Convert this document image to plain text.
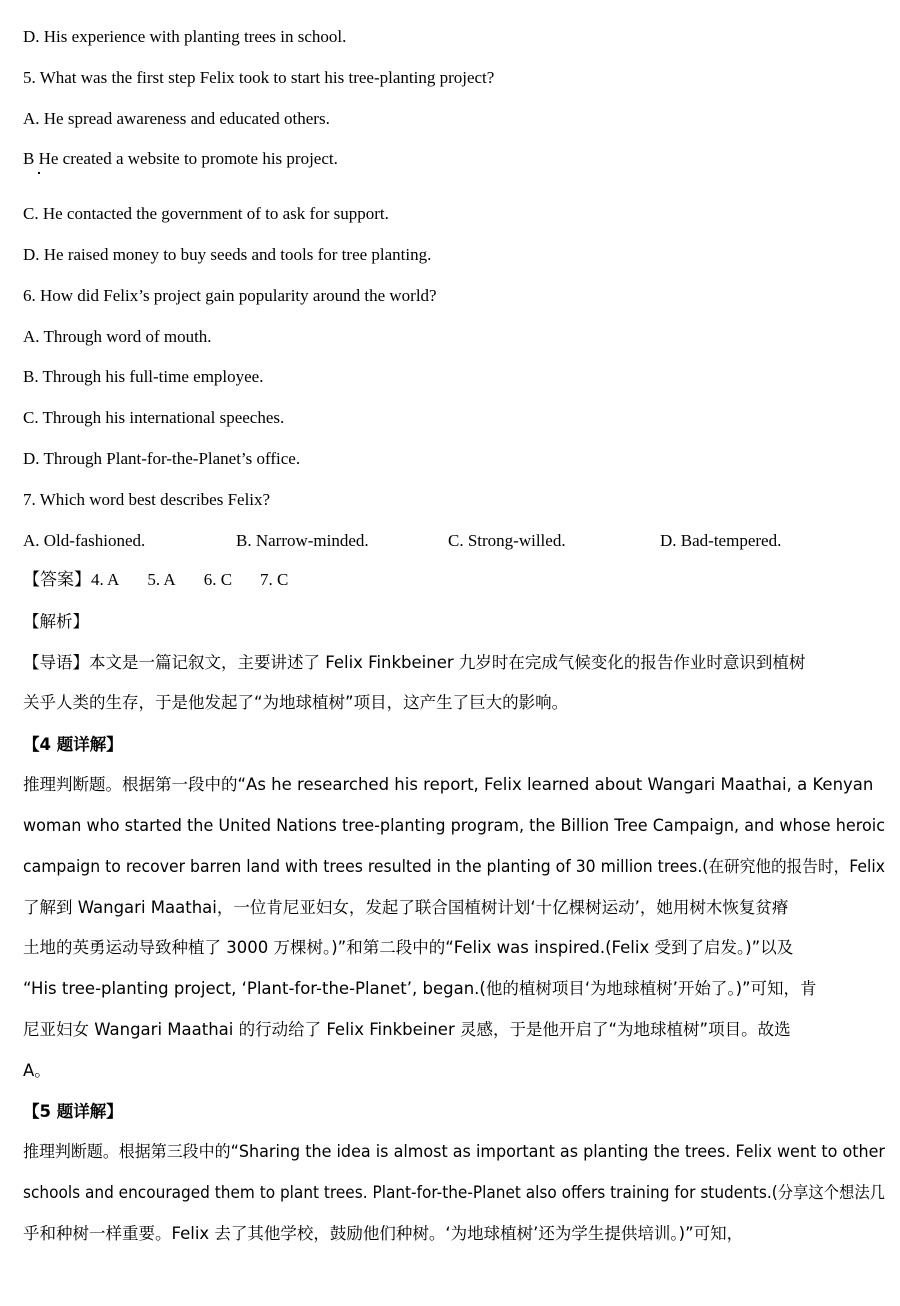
D. His experience with planting trees in school.
5. What was the first step Felix took to start his tree-planting project?
A. He spread awareness and educated others.
B He created a website to promote his project.
C. He contacted the government of to ask for support.
D. He raised money to buy seeds and tools for tree planting.
6. How did Felix’s project gain popularity around the world?
A. Through word of mouth.
B. Through his full-time employee.
C. Through his international speeches.
D. Through Plant-for-the-Planet’s office.
7. Which word best describes Felix?
A. Old-fashioned.	B. Narrow-minded.	C. Strong-willed.	D. Bad-tempered.
【答案】4. A 5. A 6. C 7. C
【解析】
【导语】本文是一篇记叙文，主要讲述了 Felix Finkbeiner 九岁时在完成气候变化的报告作业时意识到植树
关乎人类的生存，于是他发起了“为地球植树”项目，这产生了巨大的影响。
【4 题详解】
推理判断题。根据第一段中的“As he researched his report, Felix learned about Wangari Maathai, a Kenyan
woman who started the United Nations tree-planting program, the Billion Tree Campaign, and whose heroic
campaign to recover barren land with trees resulted in the planting of 30 million trees.(在研究他的报告时，Felix
了解到 Wangari Maathai，一位肯尼亚妇女，发起了联合国植树计划‘十亿棵树运动’，她用树木恢复贫瘠
土地的英勇运动导致种植了 3000 万棵树。)”和第二段中的“Felix was inspired.(Felix 受到了启发。)”以及
“His tree-planting project, ‘Plant-for-the-Planet’, began.(他的植树项目‘为地球植树’开始了。)”可知，肯
尼亚妇女 Wangari Maathai 的行动给了 Felix Finkbeiner 灵感，于是他开启了“为地球植树”项目。故选
A。
【5 题详解】
推理判断题。根据第三段中的“Sharing the idea is almost as important as planting the trees. Felix went to other
schools and encouraged them to plant trees. Plant-for-the-Planet also offers training for students.(分享这个想法几
乎和种树一样重要。Felix 去了其他学校，鼓励他们种树。‘为地球植树’还为学生提供培训。)”可知，
